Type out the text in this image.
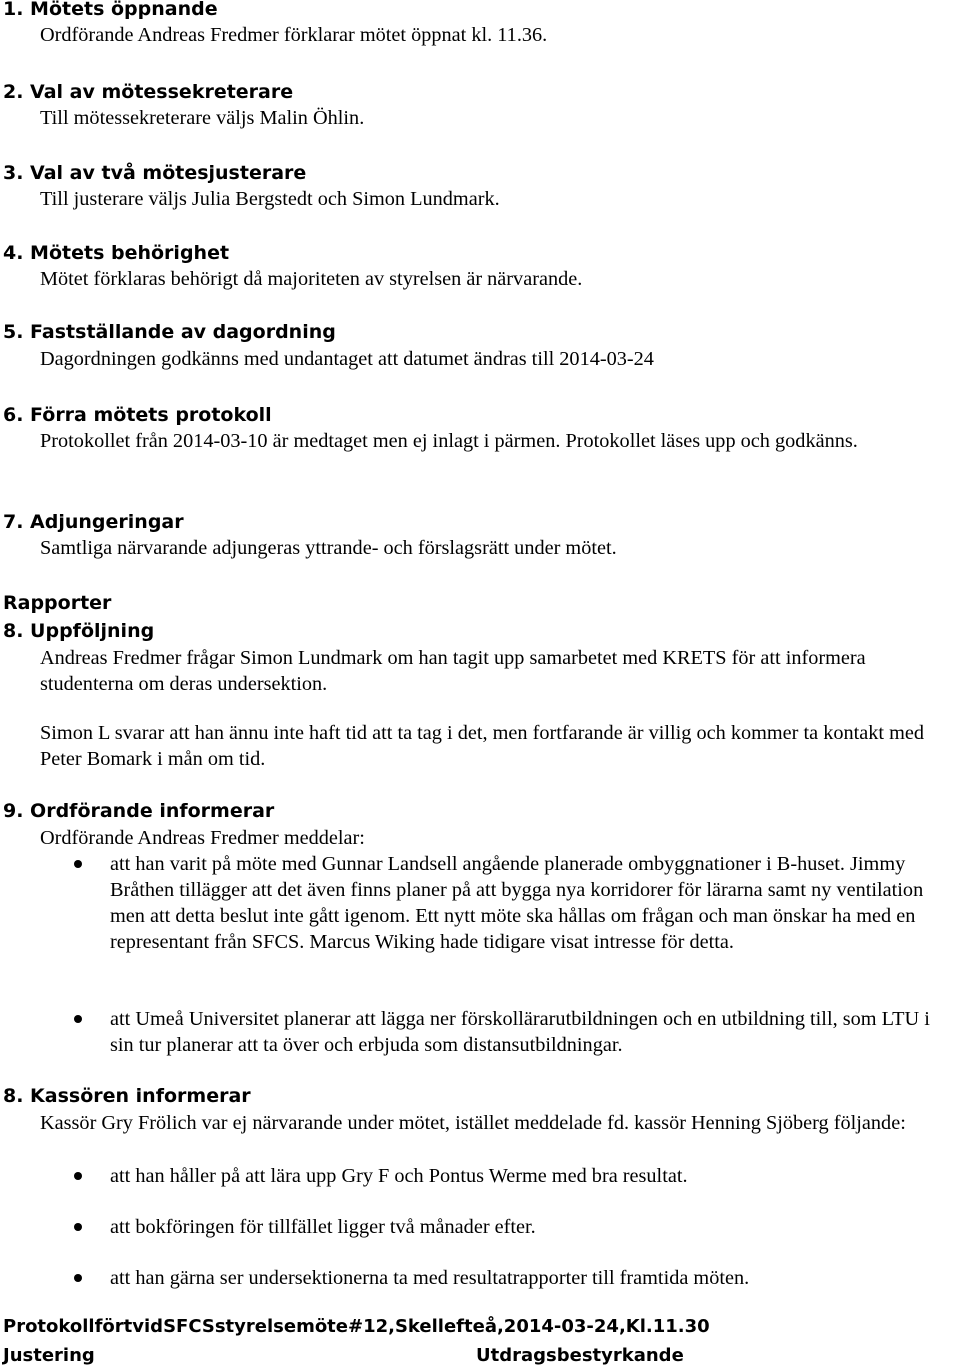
1. Mötets öppnande
Ordförande Andreas Fredmer förklarar mötet öppnat kl. 11.36.
2. Val av mötessekreterare
Till mötessekreterare väljs Malin Öhlin.
3. Val av två mötesjusterare
Till justerare väljs Julia Bergstedt och Simon Lundmark.
4. Mötets behörighet
Mötet förklaras behörigt då majoriteten av styrelsen är närvarande.
5. Fastställande av dagordning
Dagordningen godkänns med undantaget att datumet ändras till 2014-03-24
6. Förra mötets protokoll
Protokollet från 2014-03-10 är medtaget men ej inlagt i pärmen. Protokollet läses upp och godkänns.
7. Adjungeringar
Samtliga närvarande adjungeras yttrande- och förslagsrätt under mötet.
Rapporter
8. Uppföljning
Andreas Fredmer frågar Simon Lundmark om han tagit upp samarbetet med KRETS för att informera studenterna om deras undersektion.
Simon L svarar att han ännu inte haft tid att ta tag i det, men fortfarande är villig och kommer ta kontakt med Peter Bomark i mån om tid.
9. Ordförande informerar
Ordförande Andreas Fredmer meddelar:
att han varit på möte med Gunnar Landsell angående planerade ombyggnationer i B-huset. Jimmy Bråthen tillägger att det även finns planer på att bygga nya korridorer för lärarna samt ny ventilation men att detta beslut inte gått igenom. Ett nytt möte ska hållas om frågan och man önskar ha med en representant från SFCS. Marcus Wiking hade tidigare visat intresse för detta.
att Umeå Universitet planerar att lägga ner förskollärarutbildningen och en utbildning till, som LTU i sin tur planerar att ta över och erbjuda som distansutbildningar.
8. Kassören informerar
Kassör Gry Frölich var ej närvarande under mötet, istället meddelade fd. kassör Henning Sjöberg följande:
att han håller på att lära upp Gry F och Pontus Werme med bra resultat.
att bokföringen för tillfället ligger två månader efter.
att han gärna ser undersektionerna ta med resultatrapporter till framtida möten.
ProtokollförtvidSFCSstyrelsemöte#12,Skellefteå,2014-03-24,Kl.11.30
Justering	Utdragsbestyrkande
